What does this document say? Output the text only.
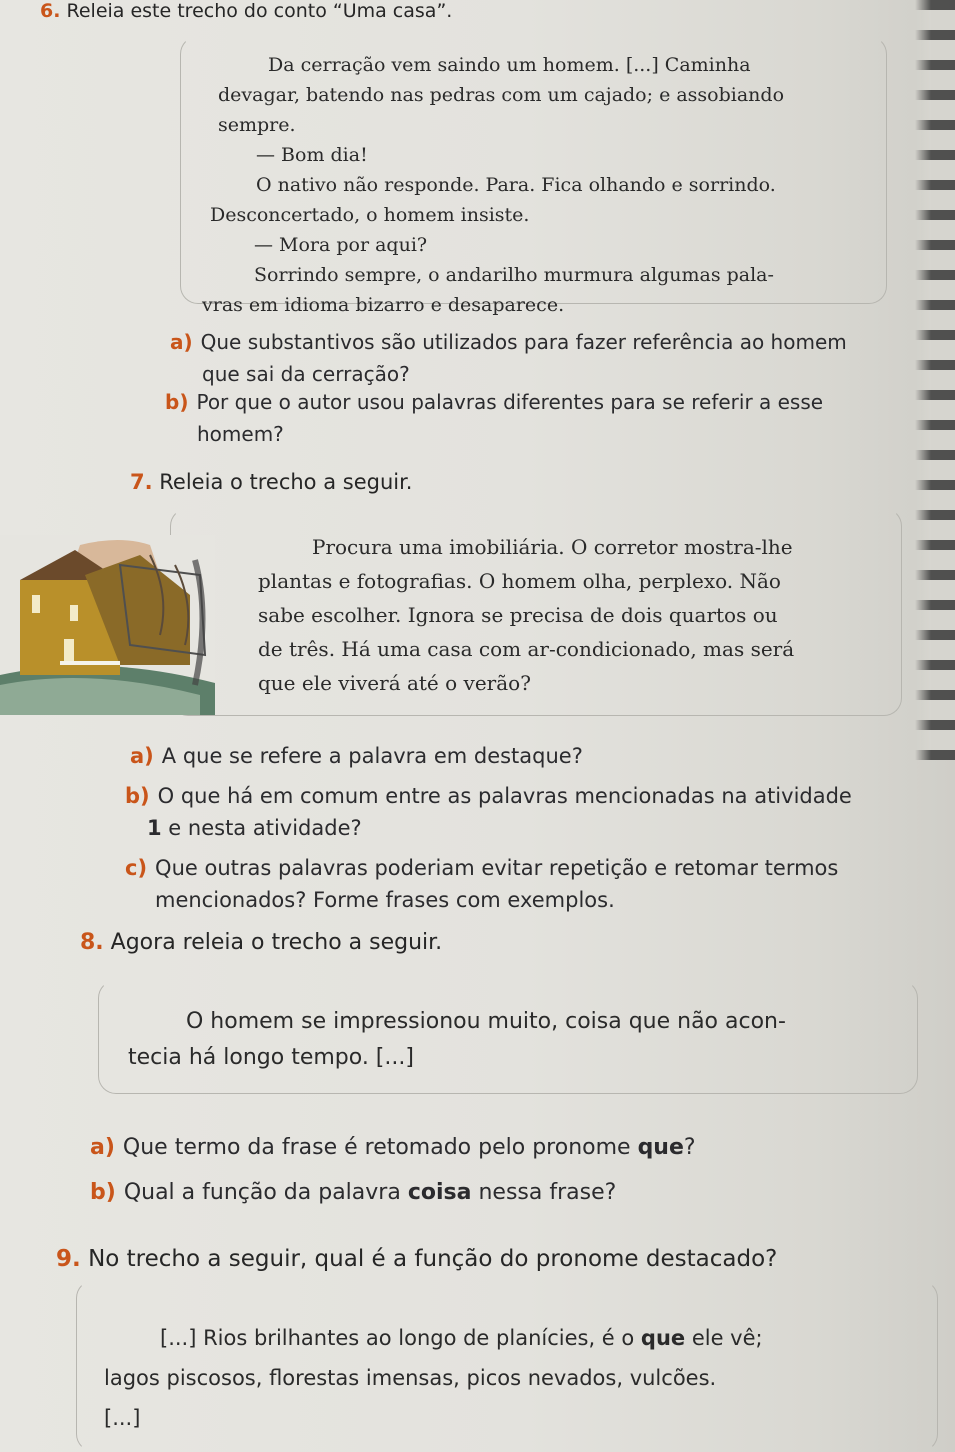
6. Releia este trecho do conto “Uma casa”.
Da cerração vem saindo um homem. [...] Caminha
devagar, batendo nas pedras com um cajado; e assobiando
sempre.
— Bom dia!
O nativo não responde. Para. Fica olhando e sorrindo.
Desconcertado, o homem insiste.
— Mora por aqui?
Sorrindo sempre, o andarilho murmura algumas pala-
vras em idioma bizarro e desaparece.
a) Que substantivos são utilizados para fazer referência ao homem
que sai da cerração?
b) Por que o autor usou palavras diferentes para se referir a esse
homem?
7. Releia o trecho a seguir.
Procura uma imobiliária. O corretor mostra-lhe
plantas e fotografias. O homem olha, perplexo. Não
sabe escolher. Ignora se precisa de dois quartos ou
de três. Há uma casa com ar-condicionado, mas será
que ele viverá até o verão?
a) A que se refere a palavra em destaque?
b) O que há em comum entre as palavras mencionadas na atividade
1 e nesta atividade?
c) Que outras palavras poderiam evitar repetição e retomar termos
mencionados? Forme frases com exemplos.
8. Agora releia o trecho a seguir.
O homem se impressionou muito, coisa que não acon-
tecia há longo tempo. [...]
a) Que termo da frase é retomado pelo pronome que?
b) Qual a função da palavra coisa nessa frase?
9. No trecho a seguir, qual é a função do pronome destacado?
[...] Rios brilhantes ao longo de planícies, é o que ele vê;
lagos piscosos, florestas imensas, picos nevados, vulcões.
[...]
